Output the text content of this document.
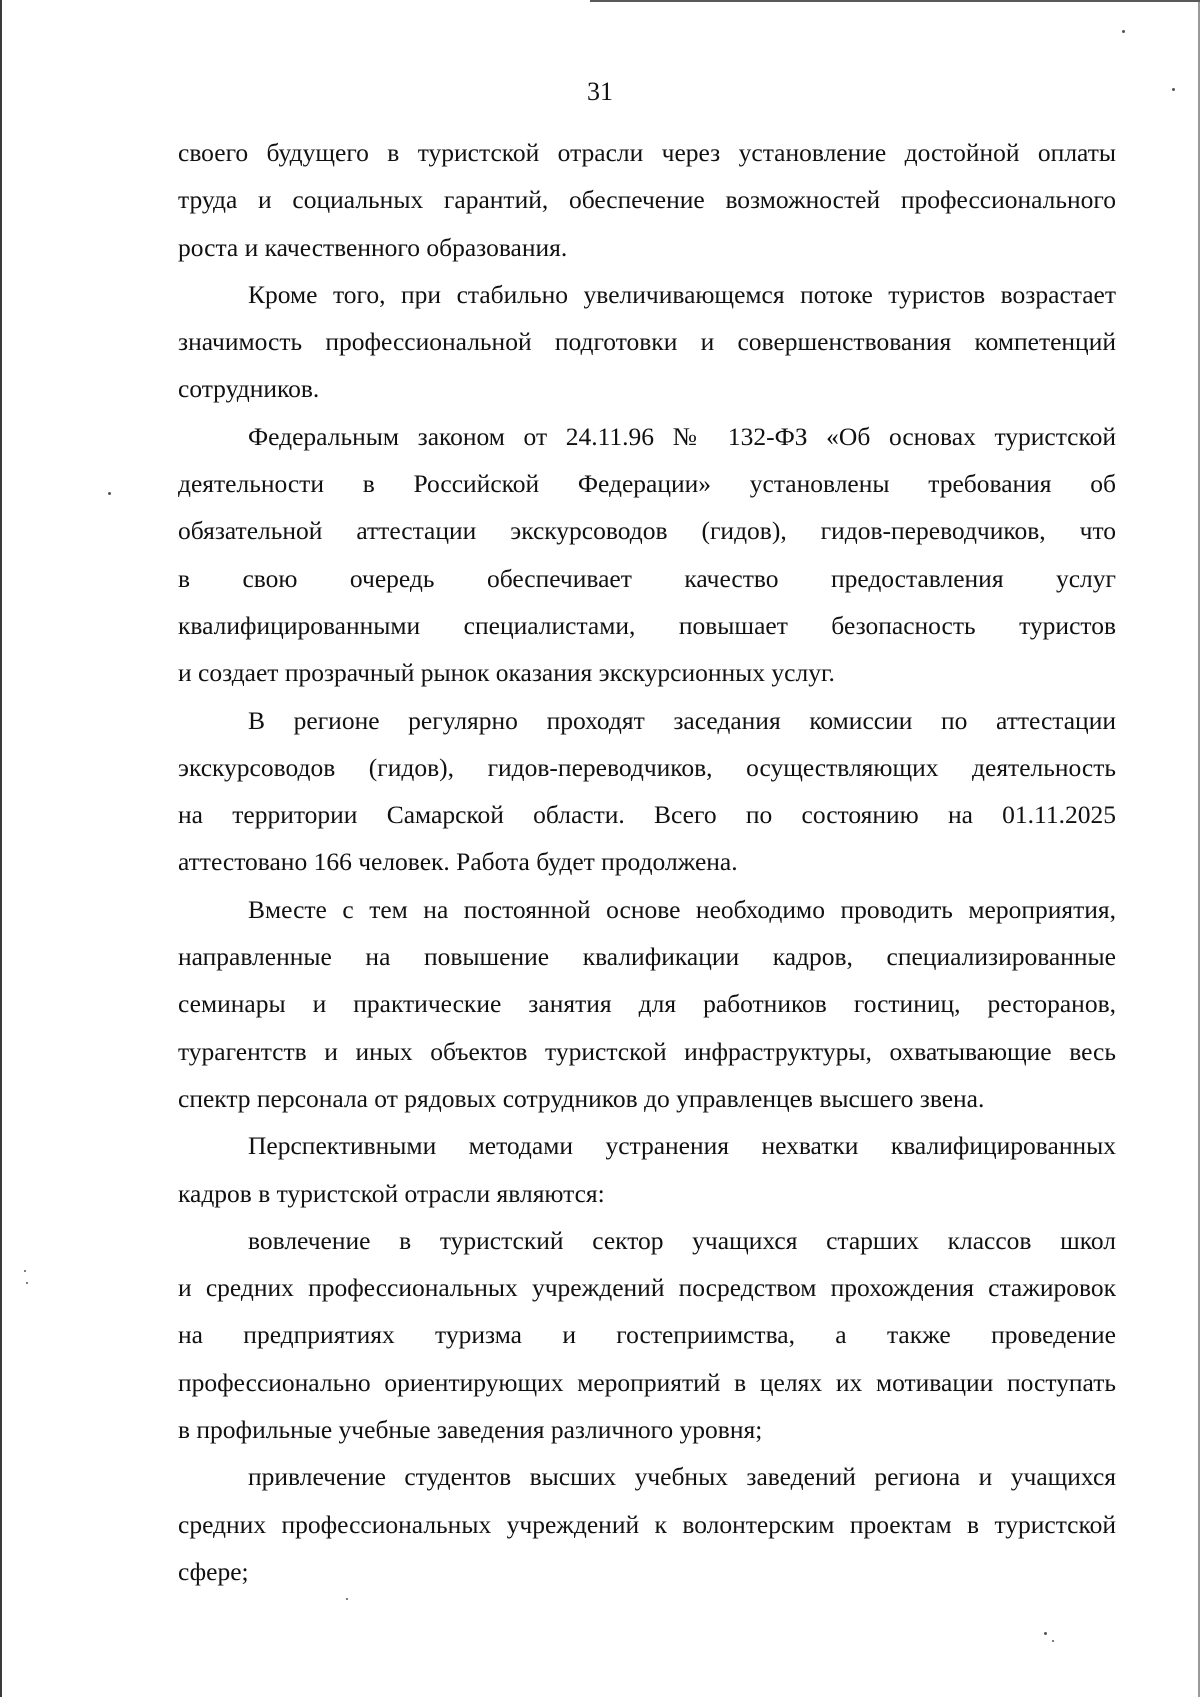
31
своего будущего в туристской отрасли через установление достойной оплаты
труда и социальных гарантий, обеспечение возможностей профессионального
роста и качественного образования.
Кроме того, при стабильно увеличивающемся потоке туристов возрастает
значимость профессиональной подготовки и совершенствования компетенций
сотрудников.
Федеральным законом от 24.11.96 № 132-ФЗ «Об основах туристской
деятельности в Российской Федерации» установлены требования об
обязательной аттестации экскурсоводов (гидов), гидов-переводчиков, что
в свою очередь обеспечивает качество предоставления услуг
квалифицированными специалистами, повышает безопасность туристов
и создает прозрачный рынок оказания экскурсионных услуг.
В регионе регулярно проходят заседания комиссии по аттестации
экскурсоводов (гидов), гидов-переводчиков, осуществляющих деятельность
на территории Самарской области. Всего по состоянию на 01.11.2025
аттестовано 166 человек. Работа будет продолжена.
Вместе с тем на постоянной основе необходимо проводить мероприятия,
направленные на повышение квалификации кадров, специализированные
семинары и практические занятия для работников гостиниц, ресторанов,
турагентств и иных объектов туристской инфраструктуры, охватывающие весь
спектр персонала от рядовых сотрудников до управленцев высшего звена.
Перспективными методами устранения нехватки квалифицированных
кадров в туристской отрасли являются:
вовлечение в туристский сектор учащихся старших классов школ
и средних профессиональных учреждений посредством прохождения стажировок
на предприятиях туризма и гостеприимства, а также проведение
профессионально ориентирующих мероприятий в целях их мотивации поступать
в профильные учебные заведения различного уровня;
привлечение студентов высших учебных заведений региона и учащихся
средних профессиональных учреждений к волонтерским проектам в туристской
сфере;
